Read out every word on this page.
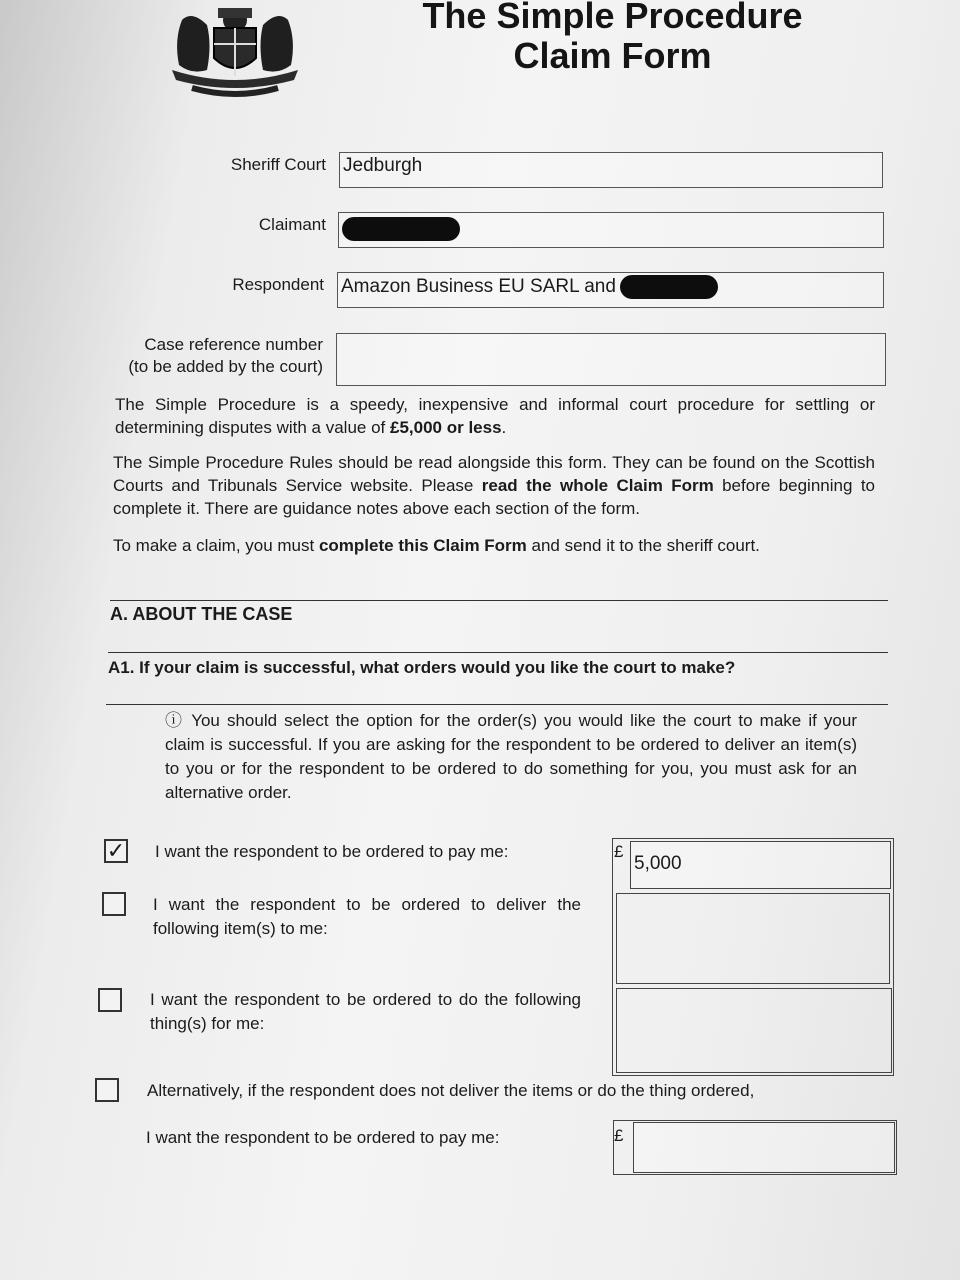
The Simple Procedure
Claim Form
Sheriff Court Jedburgh
Claimant
Respondent Amazon Business EU SARL and
Case reference number
(to be added by the court)

The Simple Procedure is a speedy, inexpensive and informal court procedure for settling or determining disputes with a value of £5,000 or less.

The Simple Procedure Rules should be read alongside this form. They can be found on the Scottish Courts and Tribunals Service website. Please read the whole Claim Form before beginning to complete it. There are guidance notes above each section of the form.

To make a claim, you must complete this Claim Form and send it to the sheriff court.

A. ABOUT THE CASE
A1. If your claim is successful, what orders would you like the court to make?

ⓘ You should select the option for the order(s) you would like the court to make if your claim is successful. If you are asking for the respondent to be ordered to deliver an item(s) to you or for the respondent to be ordered to do something for you, you must ask for an alternative order.

✓ I want the respondent to be ordered to pay me:
I want the respondent to be ordered to deliver the following item(s) to me:
I want the respondent to be ordered to do the following thing(s) for me:
£
5,000
Alternatively, if the respondent does not deliver the items or do the thing ordered,
I want the respondent to be ordered to pay me:	£
